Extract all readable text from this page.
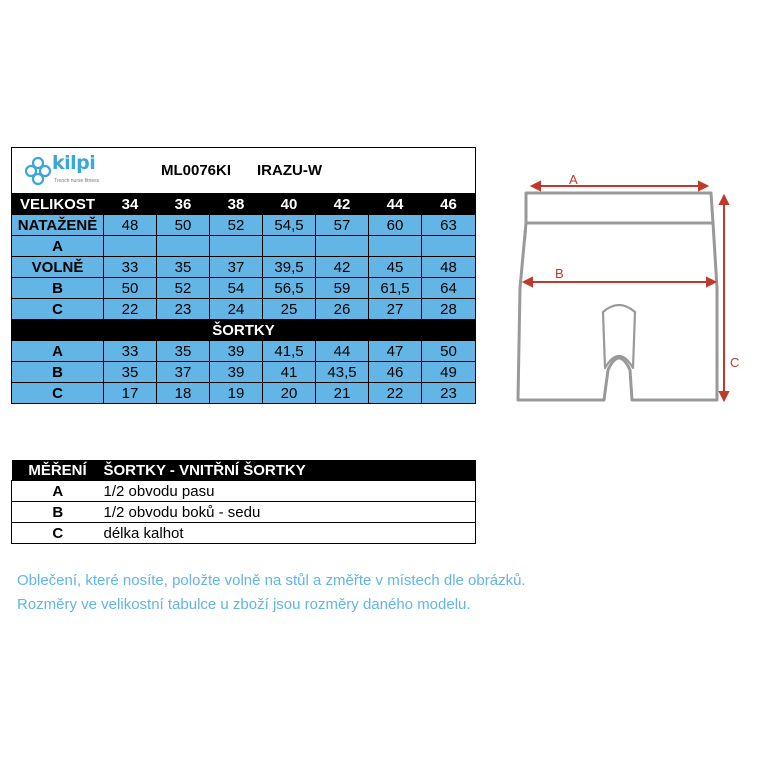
kilpi
Trench nurse fitness
ML0076KI IRAZU-W							

VELIKOST	34	36	38	40	42	44	46
NATAŽENĚ	48	50	52	54,5	57	60	63
A							
VOLNĚ	33	35	37	39,5	42	45	48
B	50	52	54	56,5	59	61,5	64
C	22	23	24	25	26	27	28
ŠORTKY							
A	33	35	39	41,5	44	47	50
B	35	37	39	41	43,5	46	49
C	17	18	19	20	21	22	23
MĚŘENÍ	ŠORTKY - VNITŘNÍ ŠORTKY
A	1/2 obvodu pasu
B	1/2 obvodu boků - sedu
C	délka kalhot
Oblečení, které nosíte, položte volně na stůl a změřte v místech dle obrázků.
Rozměry ve velikostní tabulce u zboží jsou rozměry daného modelu.
A
B
C
